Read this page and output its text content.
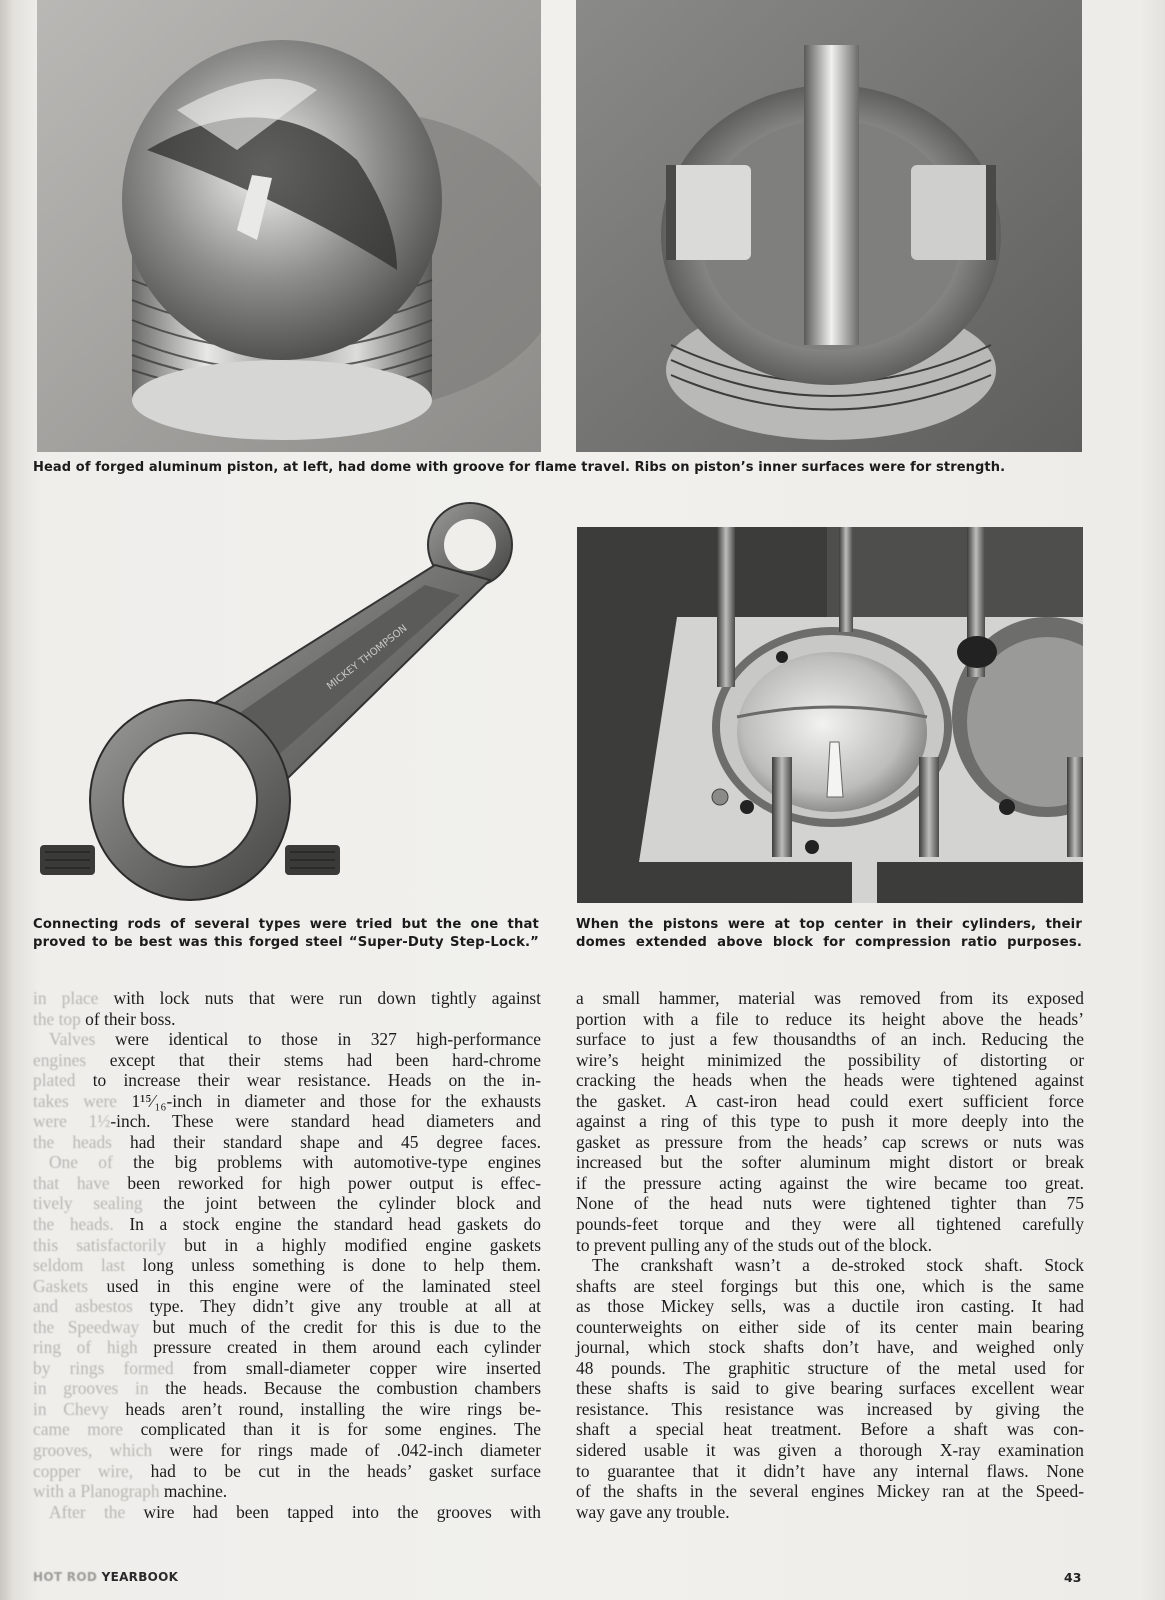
Head of forged aluminum piston, at left, had dome with groove for flame travel. Ribs on piston’s inner surfaces were for strength.
MICKEY THOMPSON
Connecting rods of several types were tried but the one that
proved to be best was this forged steel “Super-Duty Step-Lock.”
When the pistons were at top center in their cylinders, their
domes extended above block for compression ratio purposes.
in place with lock nuts that were run down tightly against
the top of their boss.
Valves were identical to those in 327 high-performance
engines except that their stems had been hard-chrome
plated to increase their wear resistance. Heads on the in-
takes were 1¹⁵⁄₁₆-inch in diameter and those for the exhausts
were 1½-inch. These were standard head diameters and
the heads had their standard shape and 45 degree faces.
One of the big problems with automotive-type engines
that have been reworked for high power output is effec-
tively sealing the joint between the cylinder block and
the heads. In a stock engine the standard head gaskets do
this satisfactorily but in a highly modified engine gaskets
seldom last long unless something is done to help them.
Gaskets used in this engine were of the laminated steel
and asbestos type. They didn’t give any trouble at all at
the Speedway but much of the credit for this is due to the
ring of high pressure created in them around each cylinder
by rings formed from small-diameter copper wire inserted
in grooves in the heads. Because the combustion chambers
in Chevy heads aren’t round, installing the wire rings be-
came more complicated than it is for some engines. The
grooves, which were for rings made of .042-inch diameter
copper wire, had to be cut in the heads’ gasket surface
with a Planograph machine.
After the wire had been tapped into the grooves with
a small hammer, material was removed from its exposed
portion with a file to reduce its height above the heads’
surface to just a few thousandths of an inch. Reducing the
wire’s height minimized the possibility of distorting or
cracking the heads when the heads were tightened against
the gasket. A cast-iron head could exert sufficient force
against a ring of this type to push it more deeply into the
gasket as pressure from the heads’ cap screws or nuts was
increased but the softer aluminum might distort or break
if the pressure acting against the wire became too great.
None of the head nuts were tightened tighter than 75
pounds-feet torque and they were all tightened carefully
to prevent pulling any of the studs out of the block.
The crankshaft wasn’t a de-stroked stock shaft. Stock
shafts are steel forgings but this one, which is the same
as those Mickey sells, was a ductile iron casting. It had
counterweights on either side of its center main bearing
journal, which stock shafts don’t have, and weighed only
48 pounds. The graphitic structure of the metal used for
these shafts is said to give bearing surfaces excellent wear
resistance. This resistance was increased by giving the
shaft a special heat treatment. Before a shaft was con-
sidered usable it was given a thorough X-ray examination
to guarantee that it didn’t have any internal flaws. None
of the shafts in the several engines Mickey ran at the Speed-
way gave any trouble.
HOT ROD YEARBOOK	43
